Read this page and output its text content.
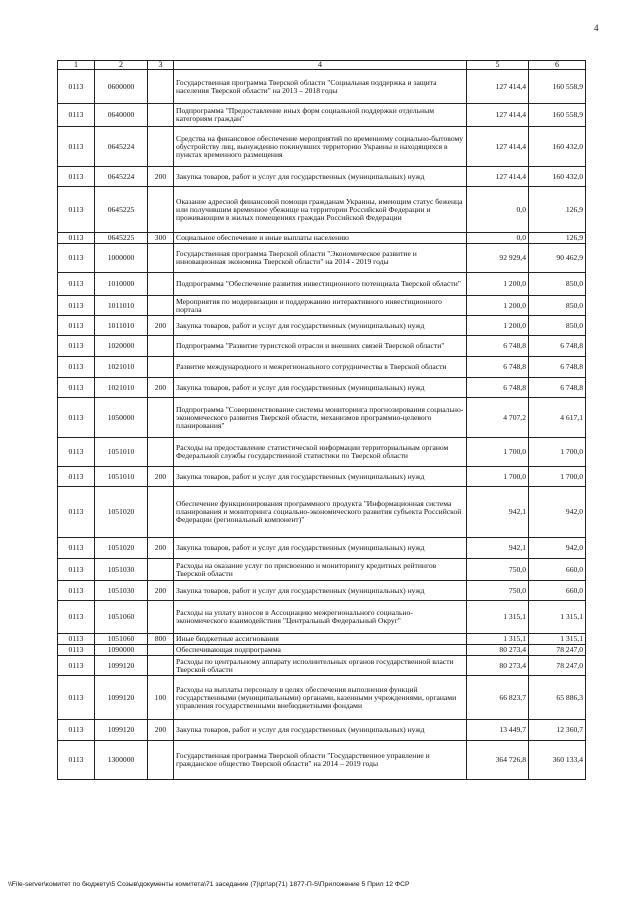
4
1	2	3	4	5	6
0113	0600000		Государственная программа Тверской области "Социальная поддержка и защита населения Тверской области" на 2013 – 2018 годы	127 414,4	160 558,9
0113	0640000		Подпрограмма "Предоставление иных форм социальной поддержки отдельным категориям граждан"	127 414,4	160 558,9
0113	0645224		Средства на финансовое обеспечение мероприятий по временному социально-бытовому обустройству лиц, вынужденно покинувших территорию Украины и находящихся в пунктах временного размещения	127 414,4	160 432,0
0113	0645224	200	Закупка товаров, работ и услуг для государственных (муниципальных) нужд	127 414,4	160 432,0
0113	0645225		Оказание адресной финансовой помощи гражданам Украины, имеющим статус беженца или получившим временное убежище на территории Российской Федерации и проживающим в жилых помещениях граждан Российской Федерации	0,0	126,9
0113	0645225	300	Социальное обеспечение и иные выплаты населению	0,0	126,9
0113	1000000		Государственная программа Тверской области "Экономическое развитие и инновационная экономика Тверской области" на 2014 - 2019 годы	92 929,4	90 462,9
0113	1010000		Подпрограмма "Обеспечение развития инвестиционного потенциала Тверской области"	1 200,0	850,0
0113	1011010		Мероприятия по модернизации и поддержанию интерактивного инвестиционного портала	1 200,0	850,0
0113	1011010	200	Закупка товаров, работ и услуг для государственных (муниципальных) нужд	1 200,0	850,0
0113	1020000		Подпрограмма "Развитие туристской отрасли и внешних связей Тверской области"	6 748,8	6 748,8
0113	1021010		Развитие международного и межрегионального сотрудничества в Тверской области	6 748,8	6 748,8
0113	1021010	200	Закупка товаров, работ и услуг для государственных (муниципальных) нужд	6 748,8	6 748,8
0113	1050000		Подпрограмма "Совершенствование системы мониторинга прогнозирования социально-экономического развития Тверской области, механизмов программно-целевого планирования"	4 707,2	4 617,1
0113	1051010		Расходы на предоставление статистической информации территориальным органом Федеральной службы государственной статистики по Тверской области	1 700,0	1 700,0
0113	1051010	200	Закупка товаров, работ и услуг для государственных (муниципальных) нужд	1 700,0	1 700,0
0113	1051020		Обеспечение функционирования программного продукта "Информационная система планирования и мониторинга социально-экономического развития субъекта Российской Федерации (региональный компонент)"	942,1	942,0
0113	1051020	200	Закупка товаров, работ и услуг для государственных (муниципальных) нужд	942,1	942,0
0113	1051030		Расходы на оказание услуг по присвоению и мониторингу кредитных рейтингов Тверской области	750,0	660,0
0113	1051030	200	Закупка товаров, работ и услуг для государственных (муниципальных) нужд	750,0	660,0
0113	1051060		Расходы на уплату взносов в Ассоциацию межрегионального социально-экономического взаимодействия "Центральный Федеральный Округ"	1 315,1	1 315,1
0113	1051060	800	Иные бюджетные ассигнования	1 315,1	1 315,1
0113	1090000		Обеспечивающая подпрограмма	80 273,4	78 247,0
0113	1099120		Расходы по центральному аппарату исполнительных органов государственной власти Тверской области	80 273,4	78 247,0
0113	1099120	100	Расходы на выплаты персоналу в целях обеспечения выполнения функций государственными (муниципальными) органами, казенными учреждениями, органами управления государственными внебюджетными фондами	66 823,7	65 886,3
0113	1099120	200	Закупка товаров, работ и услуг для государственных (муниципальных) нужд	13 449,7	12 360,7
0113	1300000		Государственная программа Тверской области "Государственное управление и гражданское общество Тверской области" на 2014 – 2019 годы	364 726,8	360 133,4
\\File-server\комитет по бюджету\5 Созыв\документы комитета\71 заседание (7)\рг\зр(71) 1877-П-5\Приложение 5 Прил 12 ФСР
